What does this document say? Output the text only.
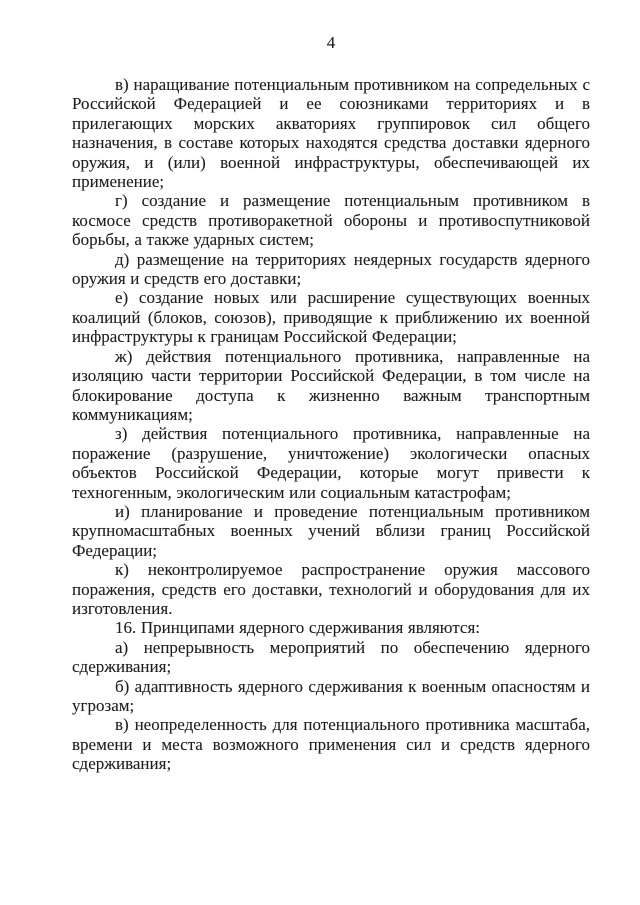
4

в) наращивание потенциальным противником на сопредельных с Российской Федерацией и ее союзниками территориях и в прилегающих морских акваториях группировок сил общего назначения, в составе которых находятся средства доставки ядерного оружия, и (или) военной инфраструктуры, обеспечивающей их применение;

г) создание и размещение потенциальным противником в космосе средств противоракетной обороны и противоспутниковой борьбы, а также ударных систем;

д) размещение на территориях неядерных государств ядерного оружия и средств его доставки;

е) создание новых или расширение существующих военных коалиций (блоков, союзов), приводящие к приближению их военной инфраструктуры к границам Российской Федерации;

ж) действия потенциального противника, направленные на изоляцию части территории Российской Федерации, в том числе на блокирование доступа к жизненно важным транспортным коммуникациям;

з) действия потенциального противника, направленные на поражение (разрушение, уничтожение) экологически опасных объектов Российской Федерации, которые могут привести к техногенным, экологическим или социальным катастрофам;

и) планирование и проведение потенциальным противником крупномасштабных военных учений вблизи границ Российской Федерации;

к) неконтролируемое распространение оружия массового поражения, средств его доставки, технологий и оборудования для их изготовления.

16. Принципами ядерного сдерживания являются:

а) непрерывность мероприятий по обеспечению ядерного сдерживания;

б) адаптивность ядерного сдерживания к военным опасностям и угрозам;

в) неопределенность для потенциального противника масштаба, времени и места возможного применения сил и средств ядерного сдерживания;
